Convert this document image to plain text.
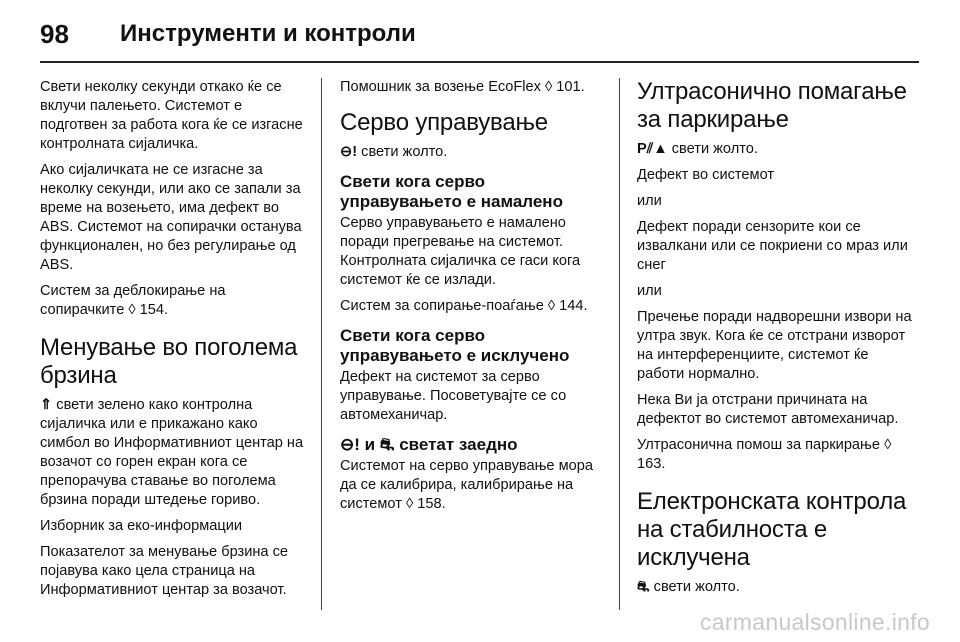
98	Инструменти и контроли

Свети неколку секунди откако ќе се вклучи палењето. Системот е подготвен за работа кога ќе се изгасне контролната сијаличка.

Ако сијаличката не се изгасне за неколку секунди, или ако се запали за време на возењето, има дефект во ABS. Системот на сопирачки останува функционален, но без регулирање од ABS.

Систем за деблокирање на сопирачките ◊ 154.

Менување во поголема брзина

⇑ свети зелено како контролна сијаличка или е прикажано како симбол во Информативниот центар на возачот со горен екран кога се препорачува ставање во поголема брзина поради штедење гориво.

Изборник за еко-информации

Показателот за менување брзина се појавува како цела страница на Информативниот центар за возачот.

Помошник за возење EcoFlex ◊ 101.

Серво управување

⊖! свети жолто.

Свети кога серво управувањето е намалено

Серво управувањето е намалено поради прегревање на системот. Контролната сијаличка се гаси кога системот ќе се излади.

Систем за сопирање-поаѓање ◊ 144.

Свети кога серво управувањето е исклучено

Дефект на системот за серво управување. Посоветувајте се со автомеханичар.

⊖! и ⛐ светат заедно

Системот на серво управување мора да се калибрира, калибрирање на системот ◊ 158.

Ултрасонично помагање за паркирање

P⫽▲ свети жолто.

Дефект во системот

или

Дефект поради сензорите кои се извалкани или се покриени со мраз или снег

или

Пречење поради надворешни извори на ултра звук. Кога ќе се отстрани изворот на интерференциите, системот ќе работи нормално.

Нека Ви ја отстрани причината на дефектот во системот автомеханичар.

Ултрасонична помош за паркирање ◊ 163.

Електронската контрола на стабилноста е исклучена

⛐ свети жолто.

carmanualsonline.info
